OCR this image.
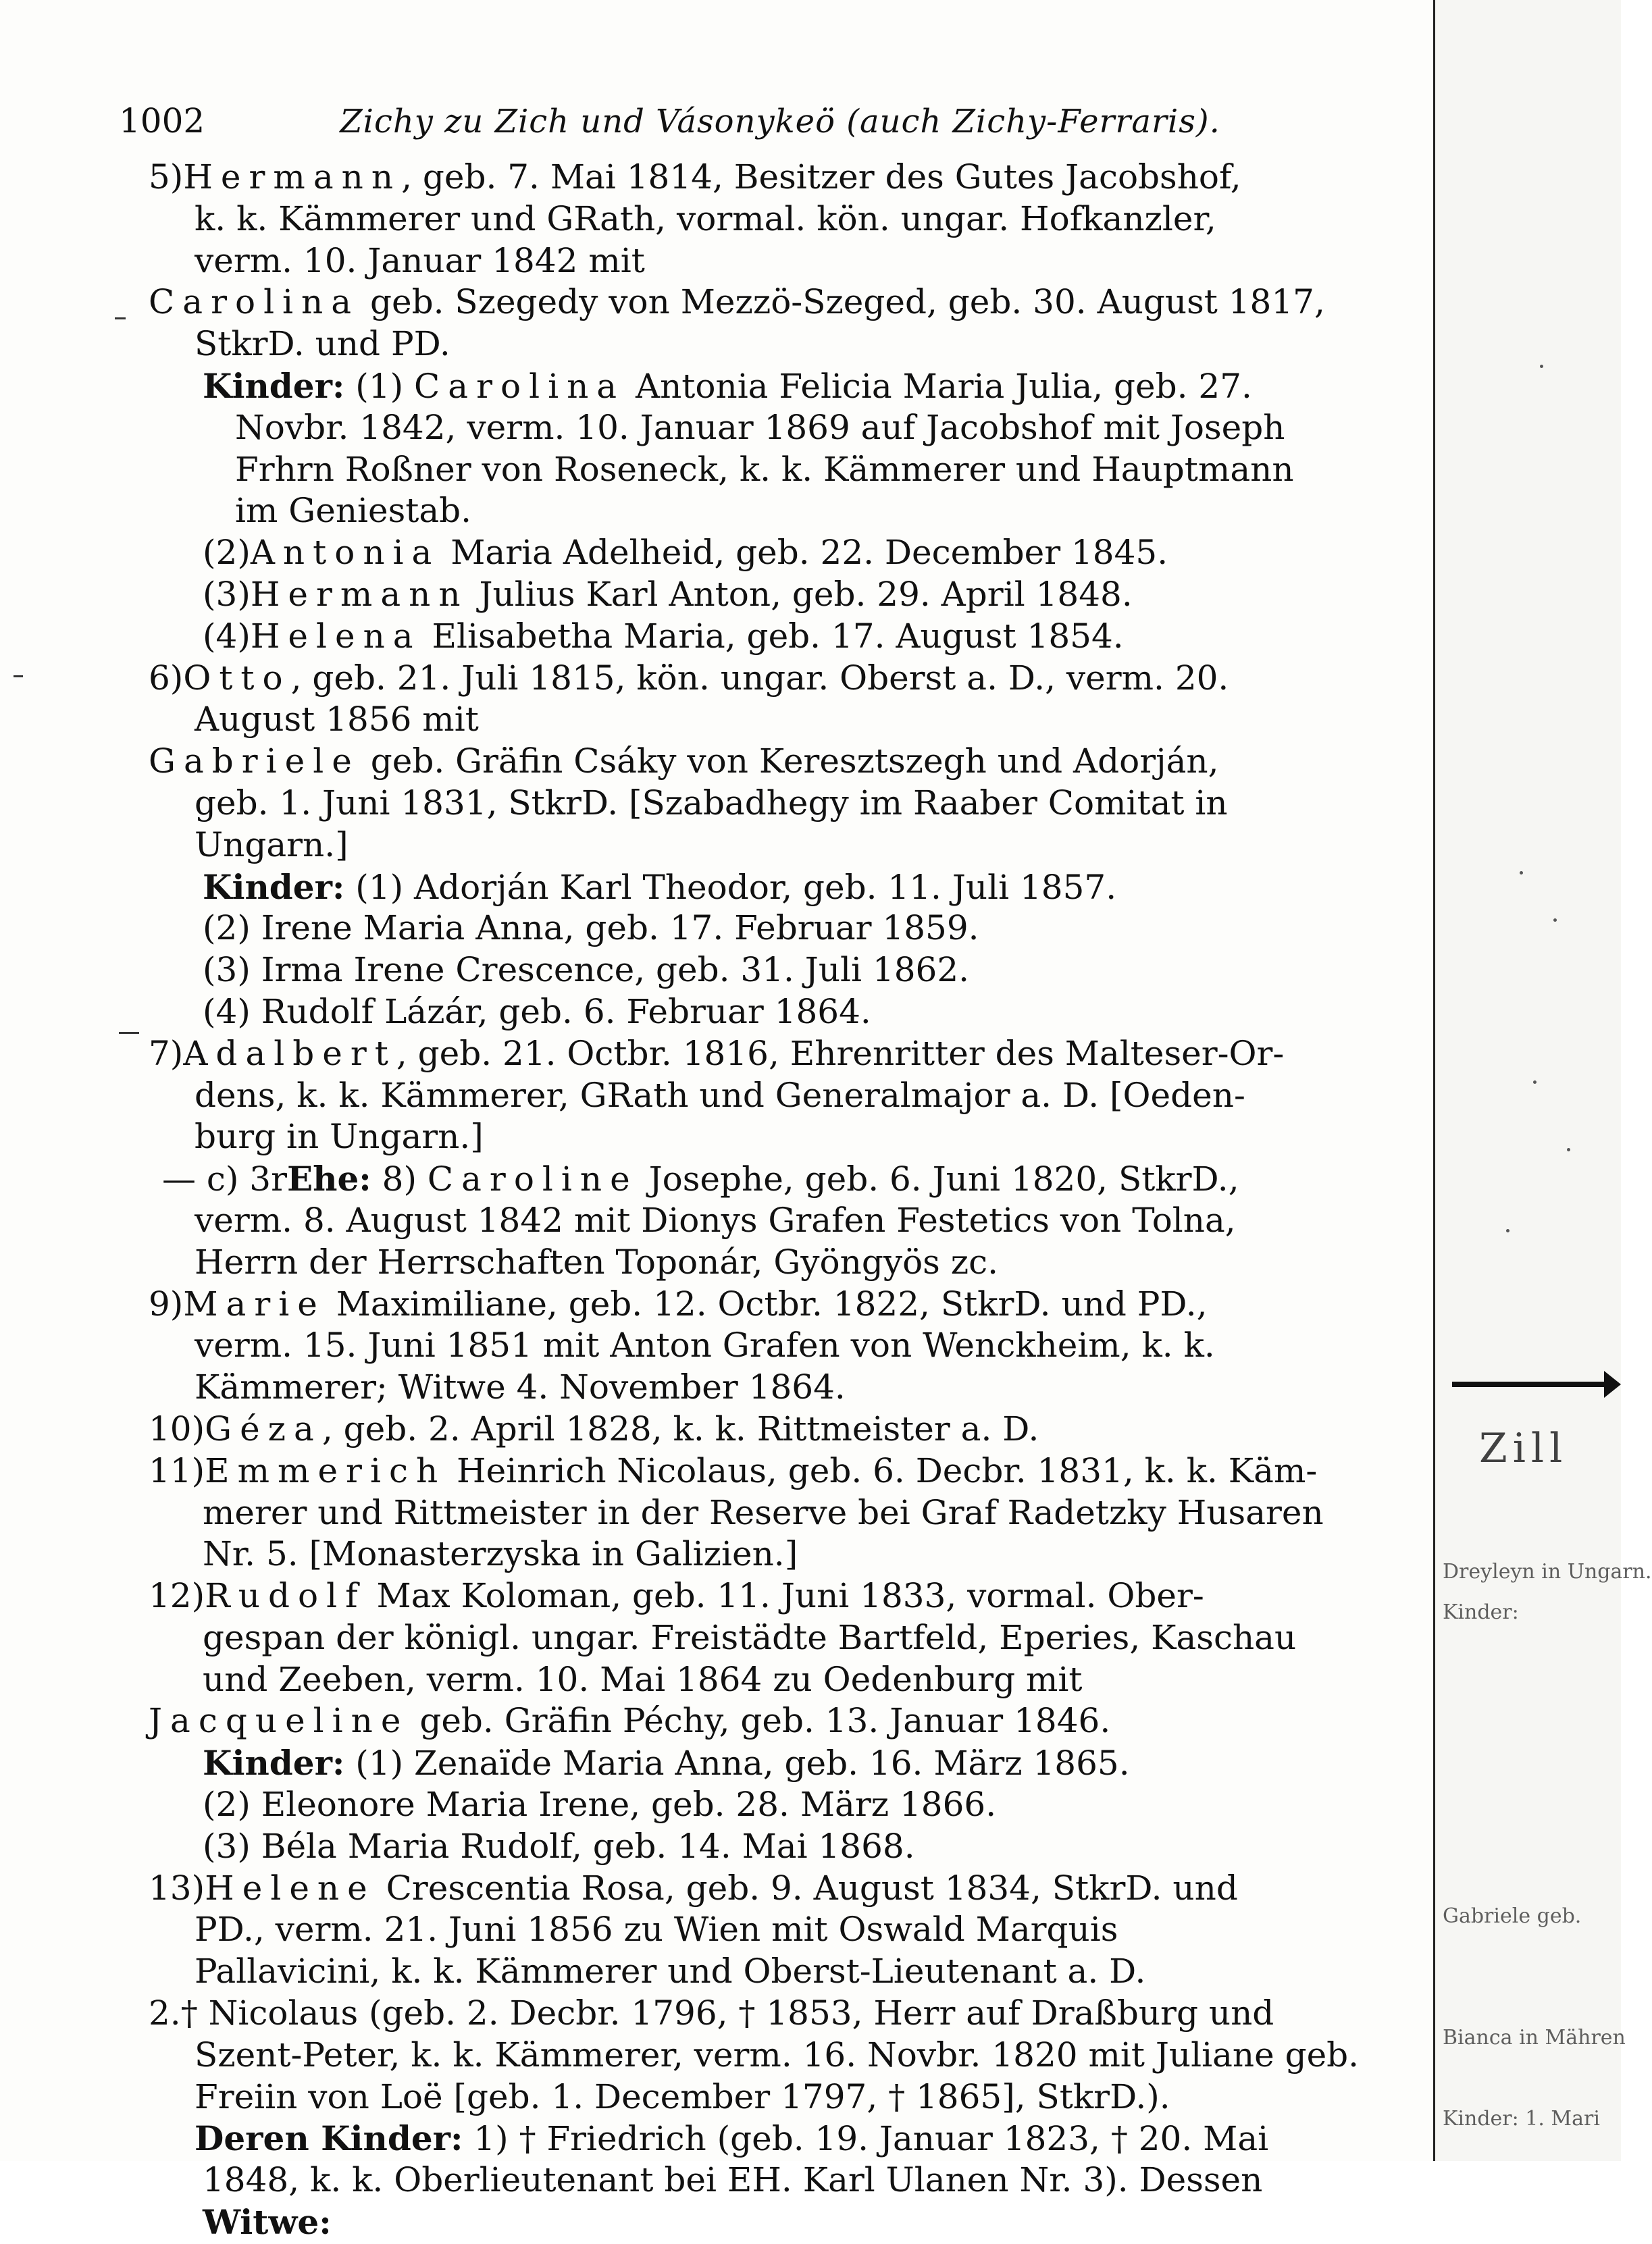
1002	Zichy zu Zich und Vásonykeö (auch Zichy-Ferraris).
5)Hermann, geb. 7. Mai 1814, Besitzer des Gutes Jacobshof,
k. k. Kämmerer und GRath, vormal. kön. ungar. Hofkanzler,
verm. 10. Januar 1842 mit
Carolina geb. Szegedy von Mezzö-Szeged, geb. 30. August 1817,
StkrD. und PD.
Kinder: (1) Carolina Antonia Felicia Maria Julia, geb. 27.
Novbr. 1842, verm. 10. Januar 1869 auf Jacobshof mit Joseph
Frhrn Roßner von Roseneck, k. k. Kämmerer und Hauptmann
im Geniestab.
(2)Antonia Maria Adelheid, geb. 22. December 1845.
(3)Hermann Julius Karl Anton, geb. 29. April 1848.
(4)Helena Elisabetha Maria, geb. 17. August 1854.
6)Otto, geb. 21. Juli 1815, kön. ungar. Oberst a. D., verm. 20.
August 1856 mit
Gabriele geb. Gräfin Csáky von Keresztszegh und Adorján,
geb. 1. Juni 1831, StkrD. [Szabadhegy im Raaber Comitat in
Ungarn.]
Kinder: (1) Adorján Karl Theodor, geb. 11. Juli 1857.
(2) Irene Maria Anna, geb. 17. Februar 1859.
(3) Irma Irene Crescence, geb. 31. Juli 1862.
(4) Rudolf Lázár, geb. 6. Februar 1864.
7)Adalbert, geb. 21. Octbr. 1816, Ehrenritter des Malteser-Or-
dens, k. k. Kämmerer, GRath und Generalmajor a. D. [Oeden-
burg in Ungarn.]
— c) 3rEhe: 8) Caroline Josephe, geb. 6. Juni 1820, StkrD.,
verm. 8. August 1842 mit Dionys Grafen Festetics von Tolna,
Herrn der Herrschaften Toponár, Gyöngyös zc.
9)Marie Maximiliane, geb. 12. Octbr. 1822, StkrD. und PD.,
verm. 15. Juni 1851 mit Anton Grafen von Wenckheim, k. k.
Kämmerer; Witwe 4. November 1864.
10)Géza, geb. 2. April 1828, k. k. Rittmeister a. D.
11)Emmerich Heinrich Nicolaus, geb. 6. Decbr. 1831, k. k. Käm-
merer und Rittmeister in der Reserve bei Graf Radetzky Husaren
Nr. 5. [Monasterzyska in Galizien.]
12)Rudolf Max Koloman, geb. 11. Juni 1833, vormal. Ober-
gespan der königl. ungar. Freistädte Bartfeld, Eperies, Kaschau
und Zeeben, verm. 10. Mai 1864 zu Oedenburg mit
Jacqueline geb. Gräfin Péchy, geb. 13. Januar 1846.
Kinder: (1) Zenaïde Maria Anna, geb. 16. März 1865.
(2) Eleonore Maria Irene, geb. 28. März 1866.
(3) Béla Maria Rudolf, geb. 14. Mai 1868.
13)Helene Crescentia Rosa, geb. 9. August 1834, StkrD. und
PD., verm. 21. Juni 1856 zu Wien mit Oswald Marquis
Pallavicini, k. k. Kämmerer und Oberst-Lieutenant a. D.
2.† Nicolaus (geb. 2. Decbr. 1796, † 1853, Herr auf Draßburg und
Szent-Peter, k. k. Kämmerer, verm. 16. Novbr. 1820 mit Juliane geb.
Freiin von Loë [geb. 1. December 1797, † 1865], StkrD.).
Deren Kinder: 1) † Friedrich (geb. 19. Januar 1823, † 20. Mai
1848, k. k. Oberlieutenant bei EH. Karl Ulanen Nr. 3). Dessen
Witwe:
Zill
Dreyleyn in Ungarn.
Kinder:
Gabriele geb.
Bianca in Mähren
Kinder: 1. Mari
